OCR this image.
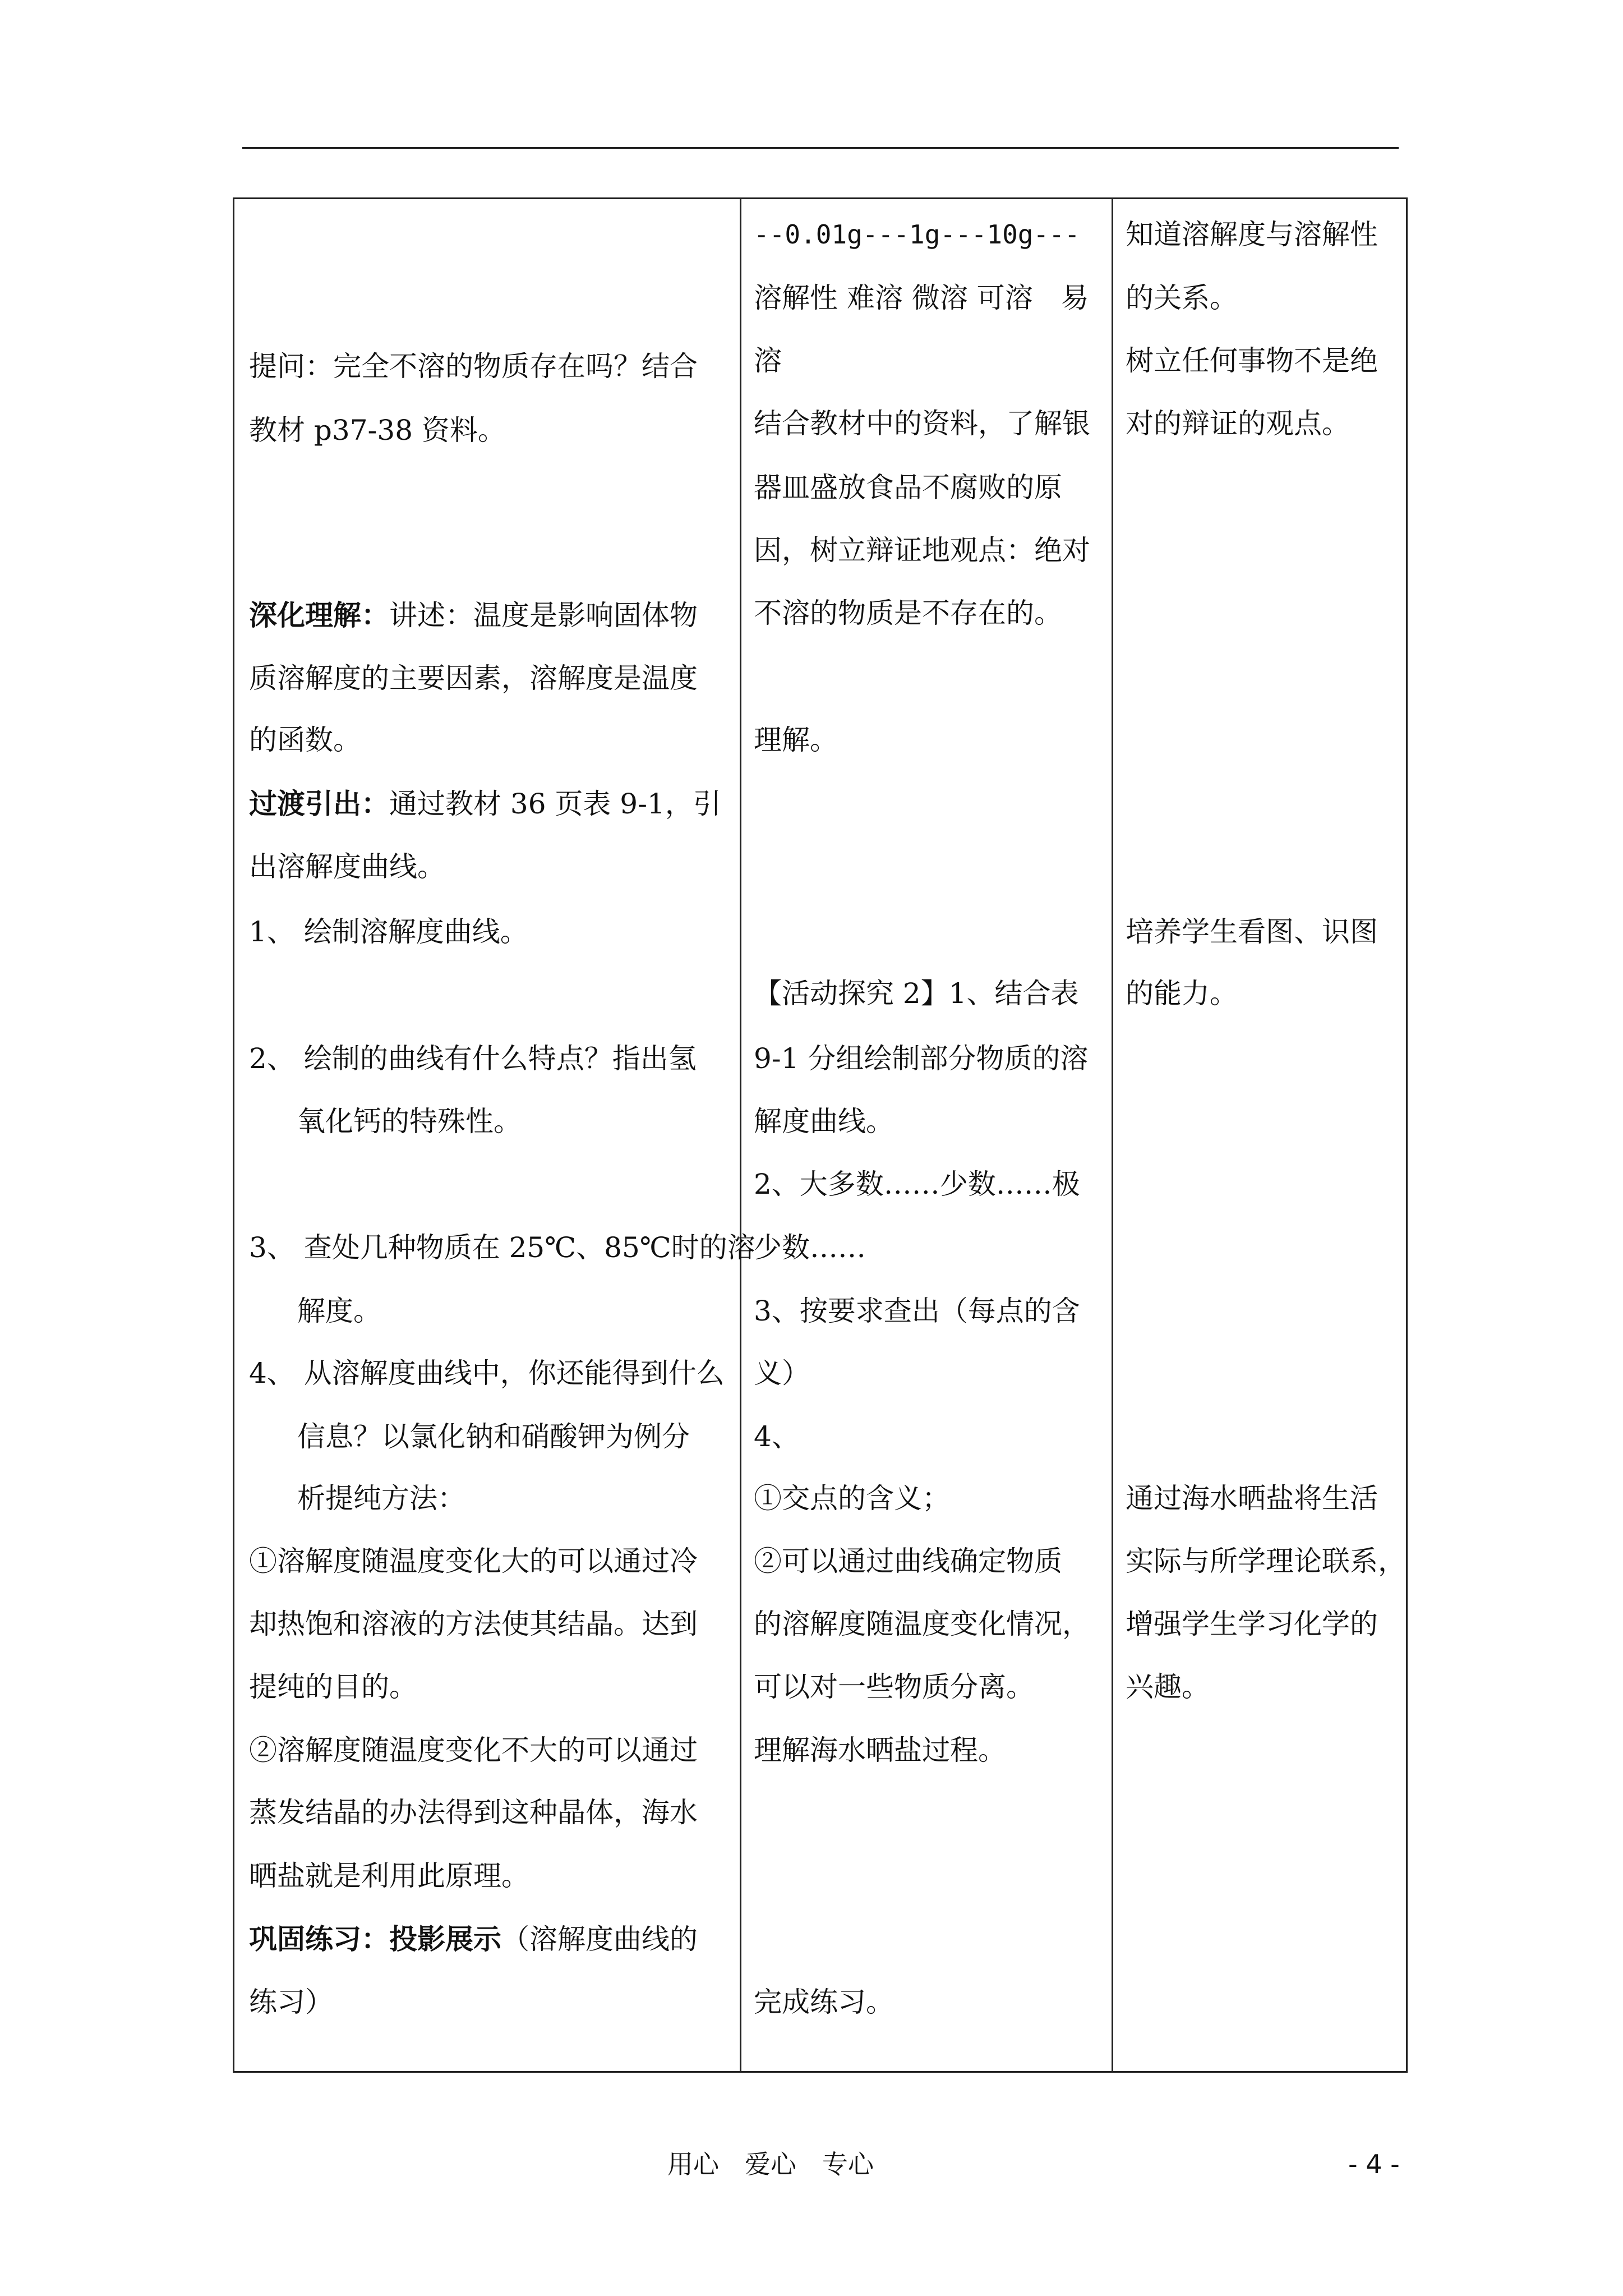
提问：完全不溶的物质存在吗？结合
教材 p37-38 资料。
深化理解：讲述：温度是影响固体物
质溶解度的主要因素，溶解度是温度
的函数。
过渡引出：通过教材 36 页表 9-1，引
出溶解度曲线。
1、 绘制溶解度曲线。
2、 绘制的曲线有什么特点？指出氢
氧化钙的特殊性。
3、 查处几种物质在 25℃、85℃时的溶
解度。
4、 从溶解度曲线中，你还能得到什么
信息？以氯化钠和硝酸钾为例分
析提纯方法：
①溶解度随温度变化大的可以通过冷
却热饱和溶液的方法使其结晶。达到
提纯的目的。
②溶解度随温度变化不大的可以通过
蒸发结晶的办法得到这种晶体，海水
晒盐就是利用此原理。
巩固练习：投影展示（溶解度曲线的
练习）
--0.01g---1g---10g---
溶解性 难溶 微溶 可溶　易
溶
结合教材中的资料，了解银
器皿盛放食品不腐败的原
因，树立辩证地观点：绝对
不溶的物质是不存在的。
理解。
【活动探究 2】1、结合表
9-1 分组绘制部分物质的溶
解度曲线。
2、大多数……少数……极
少数……
3、按要求查出（每点的含
义）
4、
①交点的含义；
②可以通过曲线确定物质
的溶解度随温度变化情况，
可以对一些物质分离。
理解海水晒盐过程。
完成练习。
知道溶解度与溶解性
的关系。
树立任何事物不是绝
对的辩证的观点。
培养学生看图、识图
的能力。
通过海水晒盐将生活
实际与所学理论联系，
增强学生学习化学的
兴趣。
用心　爱心　专心	- 4 -
